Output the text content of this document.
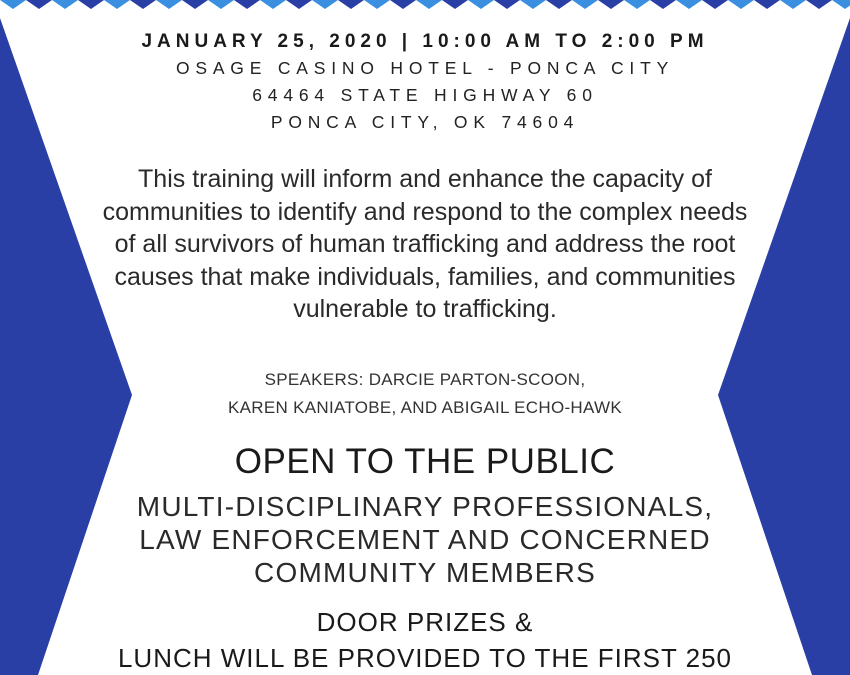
JANUARY 25, 2020 | 10:00 AM TO 2:00 PM
OSAGE CASINO HOTEL - PONCA CITY
64464 STATE HIGHWAY 60
PONCA CITY, OK 74604
This training will inform and enhance the capacity of communities to identify and respond to the complex needs of all survivors of human trafficking and address the root causes that make individuals, families, and communities vulnerable to trafficking.
SPEAKERS: DARCIE PARTON-SCOON,
KAREN KANIATOBE, AND ABIGAIL ECHO-HAWK
OPEN TO THE PUBLIC
MULTI-DISCIPLINARY PROFESSIONALS,
LAW ENFORCEMENT AND CONCERNED
COMMUNITY MEMBERS
DOOR PRIZES &
LUNCH WILL BE PROVIDED TO THE FIRST 250
